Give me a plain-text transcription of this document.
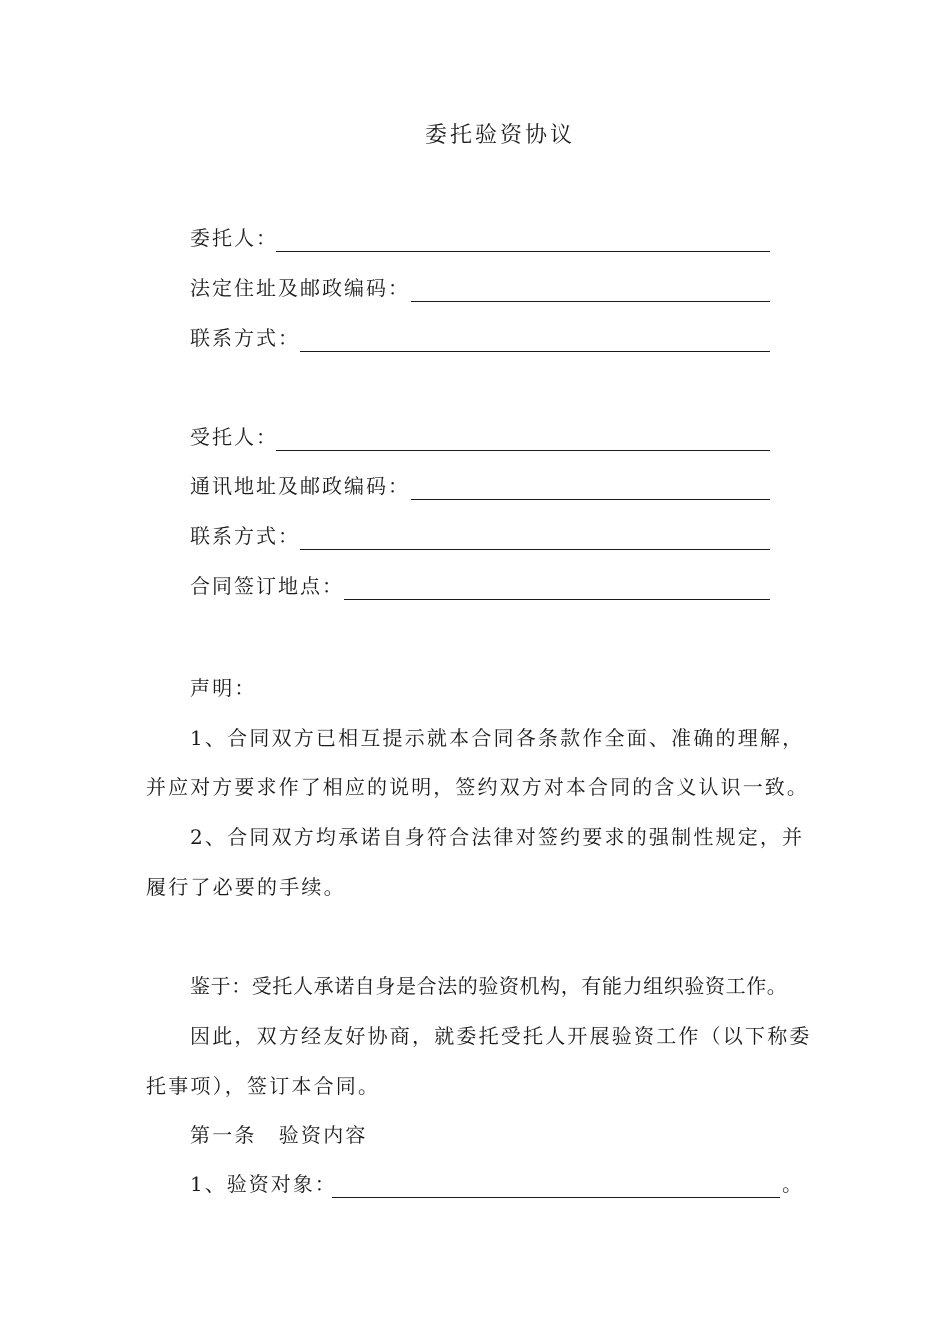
委托验资协议
委托人：
法定住址及邮政编码：
联系方式：
受托人：
通讯地址及邮政编码：
联系方式：
合同签订地点：
声明：
1、合同双方已相互提示就本合同各条款作全面、准确的理解，
并应对方要求作了相应的说明，签约双方对本合同的含义认识一致。
2、合同双方均承诺自身符合法律对签约要求的强制性规定，并
履行了必要的手续。
鉴于：受托人承诺自身是合法的验资机构，有能力组织验资工作。
因此，双方经友好协商，就委托受托人开展验资工作（以下称委
托事项），签订本合同。
第一条　验资内容
1、验资对象：	。
